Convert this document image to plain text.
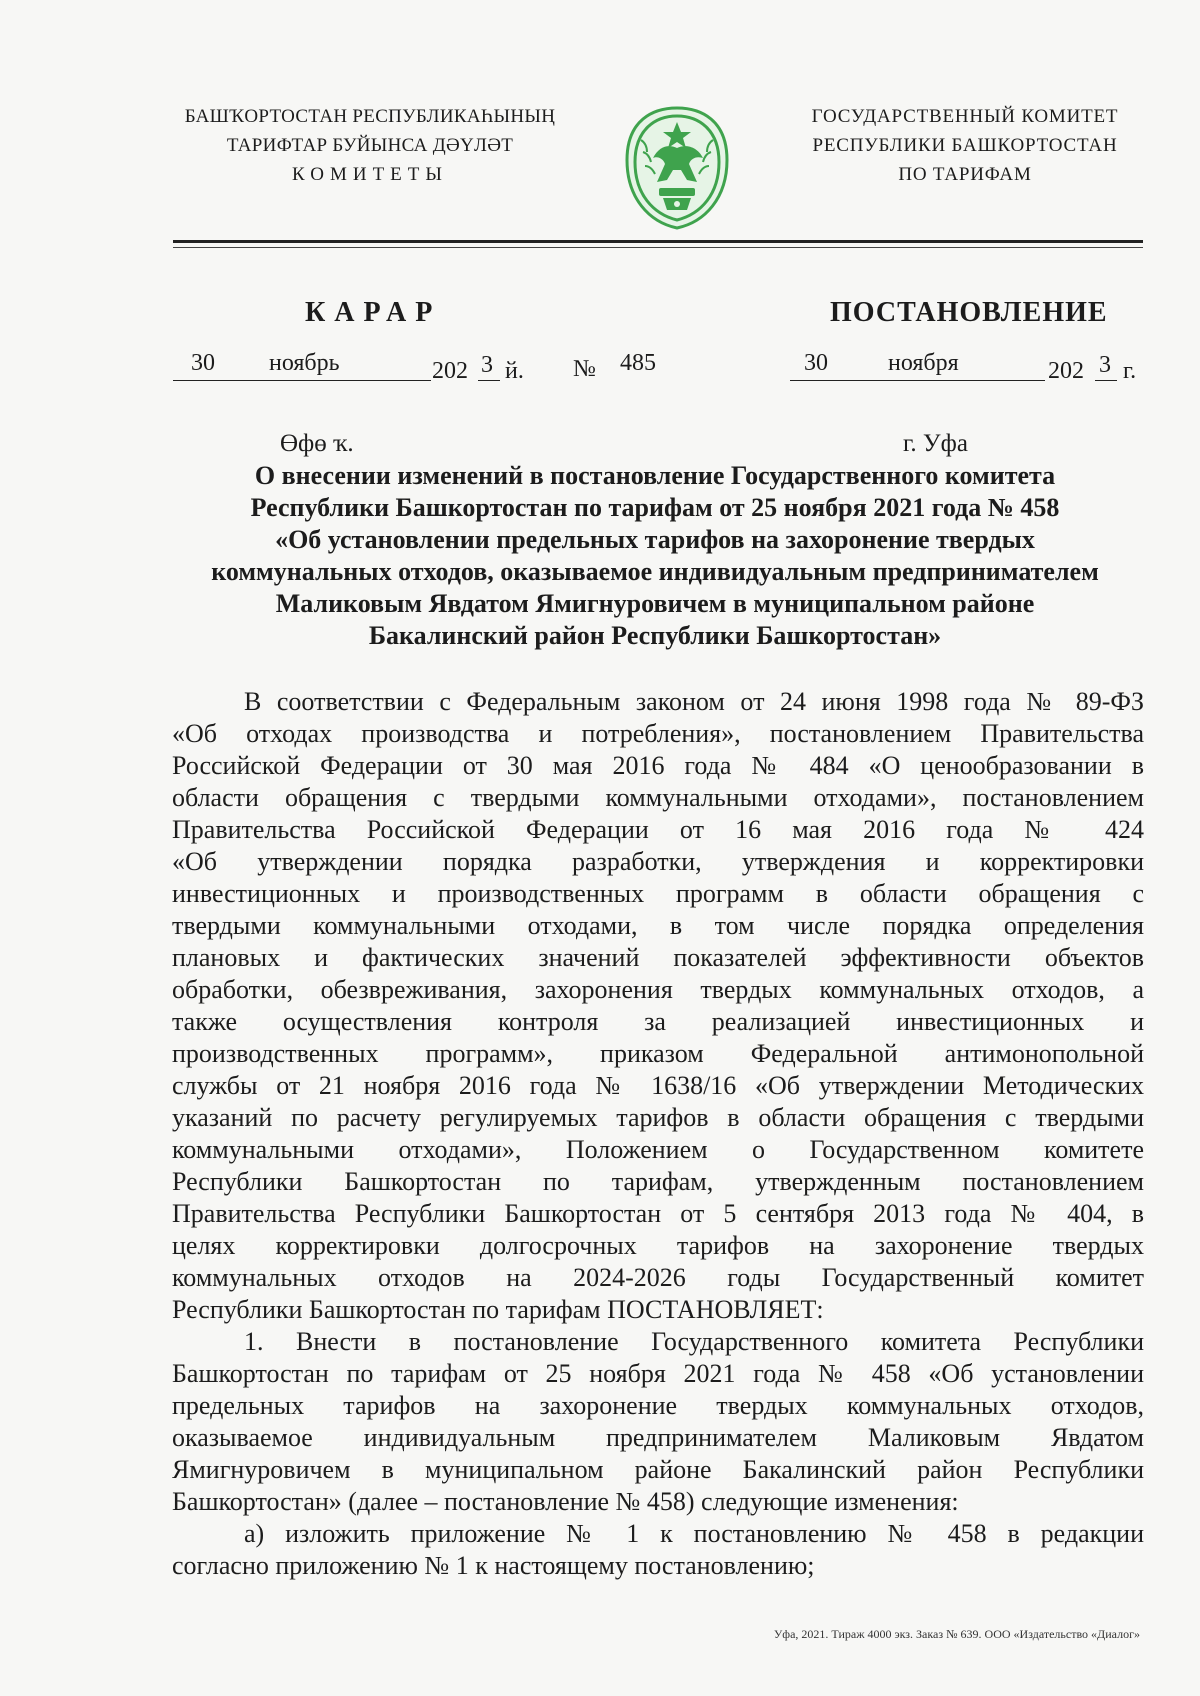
БАШҠОРТОСТАН РЕСПУБЛИКАҺЫНЫҢ
ТАРИФТАР БУЙЫНСА ДӘҮЛӘТ
КОМИТЕТЫ
ГОСУДАРСТВЕННЫЙ КОМИТЕТ
РЕСПУБЛИКИ БАШКОРТОСТАН
ПО ТАРИФАМ
КАРАР	ПОСТАНОВЛЕНИЕ
30 ноябрь	202 3 й. № 485	30	ноября	202 3 г.
Өфө ҡ.	г. Уфа
О внесении изменений в постановление Государственного комитета
Республики Башкортостан по тарифам от 25 ноября 2021 года № 458
«Об установлении предельных тарифов на захоронение твердых
коммунальных отходов, оказываемое индивидуальным предпринимателем
Маликовым Явдатом Ямигнуровичем в муниципальном районе
Бакалинский район Республики Башкортостан»
В соответствии с Федеральным законом от 24 июня 1998 года № 89-ФЗ
«Об отходах производства и потребления», постановлением Правительства
Российской Федерации от 30 мая 2016 года № 484 «О ценообразовании в
области обращения с твердыми коммунальными отходами», постановлением
Правительства Российской Федерации от 16 мая 2016 года № 424
«Об утверждении порядка разработки, утверждения и корректировки
инвестиционных и производственных программ в области обращения с
твердыми коммунальными отходами, в том числе порядка определения
плановых и фактических значений показателей эффективности объектов
обработки, обезвреживания, захоронения твердых коммунальных отходов, а
также осуществления контроля за реализацией инвестиционных и
производственных программ», приказом Федеральной антимонопольной
службы от 21 ноября 2016 года № 1638/16 «Об утверждении Методических
указаний по расчету регулируемых тарифов в области обращения с твердыми
коммунальными отходами», Положением о Государственном комитете
Республики Башкортостан по тарифам, утвержденным постановлением
Правительства Республики Башкортостан от 5 сентября 2013 года № 404, в
целях корректировки долгосрочных тарифов на захоронение твердых
коммунальных отходов на 2024-2026 годы Государственный комитет
Республики Башкортостан по тарифам ПОСТАНОВЛЯЕТ:
1. Внести в постановление Государственного комитета Республики
Башкортостан по тарифам от 25 ноября 2021 года № 458 «Об установлении
предельных тарифов на захоронение твердых коммунальных отходов,
оказываемое индивидуальным предпринимателем Маликовым Явдатом
Ямигнуровичем в муниципальном районе Бакалинский район Республики
Башкортостан» (далее – постановление № 458) следующие изменения:
а) изложить приложение № 1 к постановлению № 458 в редакции
согласно приложению № 1 к настоящему постановлению;
Уфа, 2021. Тираж 4000 экз. Заказ № 639. ООО «Издательство «Диалог»
